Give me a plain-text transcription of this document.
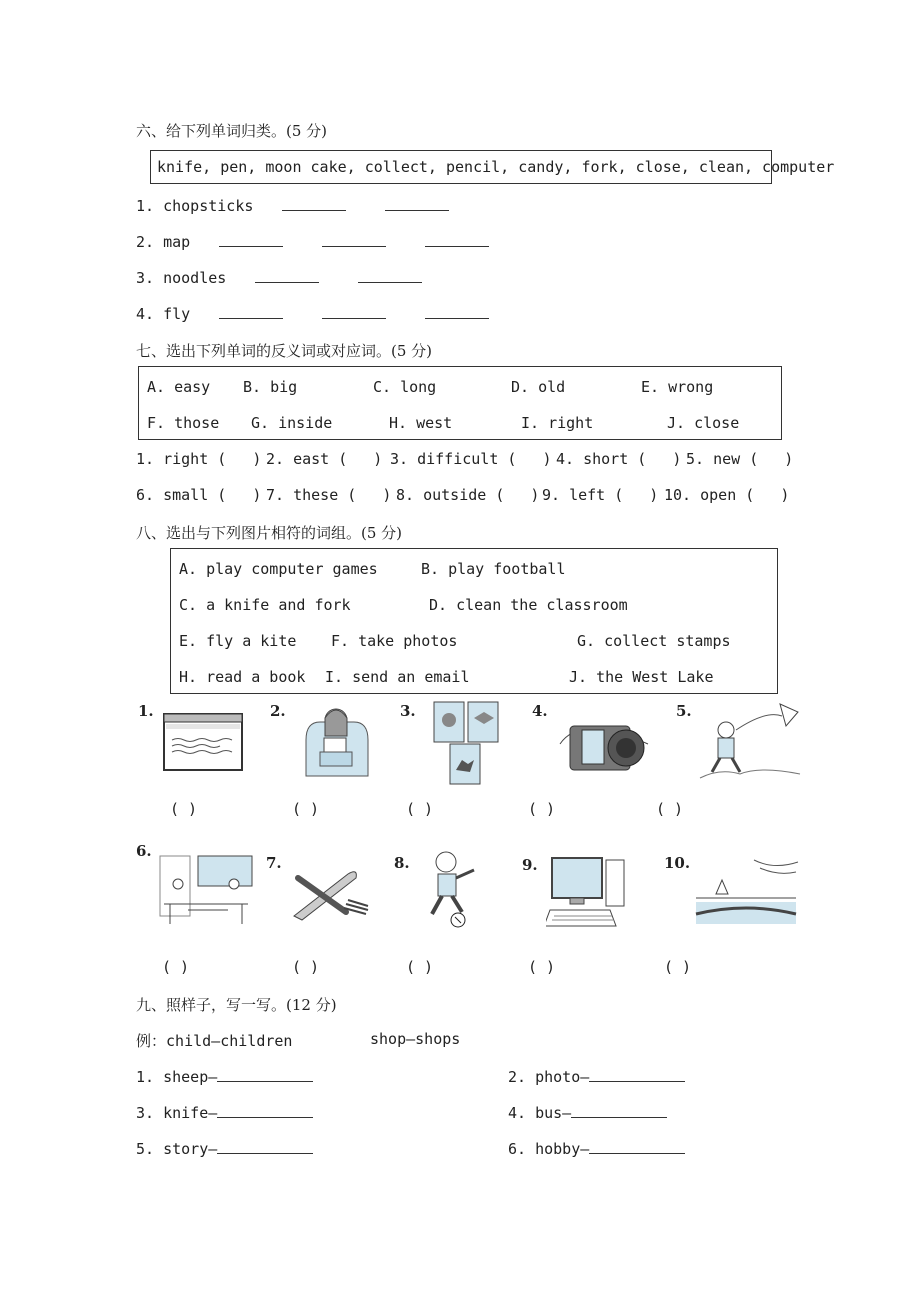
六、给下列单词归类。(5 分)
knife, pen, moon cake, collect, pencil, candy, fork, close, clean, computer
1. chopsticks
2. map
3. noodles
4. fly
七、选出下列单词的反义词或对应词。(5 分)
A. easy B. big	C. long	D. old	E. wrong
F. those G. inside	H. west	I. right	J. close
1. right ( ) 2. east ( ) 3. difficult ( ) 4. short ( ) 5. new ( )
6. small ( ) 7. these ( ) 8. outside ( ) 9. left ( ) 10. open ( )
八、选出与下列图片相符的词组。(5 分)
A. play computer games	B. play football
C. a knife and fork	D. clean the classroom
E. fly a kite F. take photos	G. collect stamps
H. read a book I. send an email	J. the West Lake
1.	2.	3.	4.	5.
( )	( )	( )	( )	( )
6.
7.	8.	9.	10.
( )	( )	( )	( )	( )
九、照样子，写一写。(12 分)
例：child—children	shop—shops
1. sheep—	2. photo—
3. knife—	4. bus—
5. story—	6. hobby—
